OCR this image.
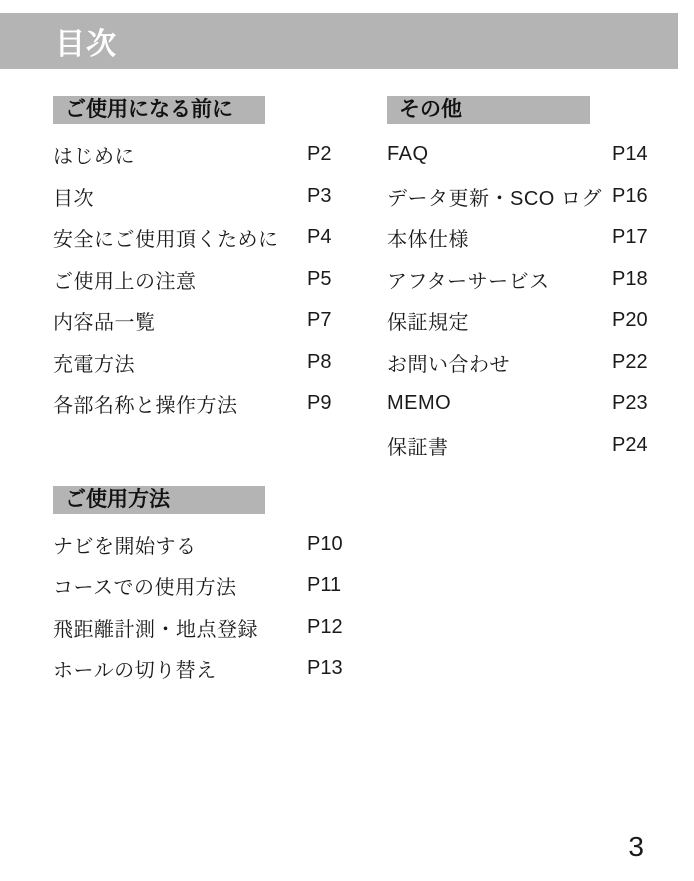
目次
ご使用になる前に
はじめに	P2
目次	P3
安全にご使用頂くために	P4
ご使用上の注意	P5
内容品一覧	P7
充電方法	P8
各部名称と操作方法	P9
ご使用方法
ナビを開始する	P10
コースでの使用方法	P11
飛距離計測・地点登録	P12
ホールの切り替え	P13
その他
FAQ	P14
データ更新・SCO ログ P16
本体仕様	P17
アフターサービス	P18
保証規定	P20
お問い合わせ	P22
MEMO	P23
保証書	P24
3
